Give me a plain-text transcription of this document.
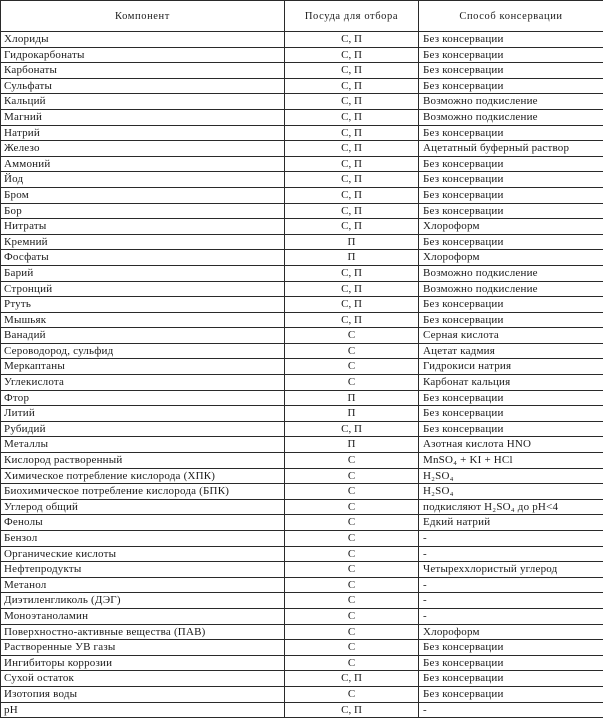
Компонент	Посуда для отбора	Способ консервации
Хлориды	С, П	Без консервации
Гидрокарбонаты	С, П	Без консервации
Карбонаты	С, П	Без консервации
Сульфаты	С, П	Без консервации
Кальций	С, П	Возможно подкисление
Магний	С, П	Возможно подкисление
Натрий	С, П	Без консервации
Железо	С, П	Ацетатный буферный раствор
Аммоний	С, П	Без консервации
Йод	С, П	Без консервации
Бром	С, П	Без консервации
Бор	С, П	Без консервации
Нитраты	С, П	Хлороформ
Кремний	П	Без консервации
Фосфаты	П	Хлороформ
Барий	С, П	Возможно подкисление
Стронций	С, П	Возможно подкисление
Ртуть	С, П	Без консервации
Мышьяк	С, П	Без консервации
Ванадий	С	Серная кислота
Сероводород, сульфид	С	Ацетат кадмия
Меркаптаны	С	Гидрокиси натрия
Углекислота	С	Карбонат кальция
Фтор	П	Без консервации
Литий	П	Без консервации
Рубидий	С, П	Без консервации
Металлы	П	Азотная кислота HNO
Кислород растворенный	С	MnSO₄ + KI + HCl
Химическое потребление кислорода (ХПК)	С	H₂SO₄
Биохимическое потребление кислорода (БПК)	С	H₂SO₄
Углерод общий	С	подкисляют H₂SO₄ до pH<4
Фенолы	С	Едкий натрий
Бензол	С	-
Органические кислоты	С	-
Нефтепродукты	С	Четыреххлористый углерод
Метанол	С	-
Диэтиленгликоль (ДЭГ)	С	-
Моноэтаноламин	С	-
Поверхностно-активные вещества (ПАВ)	С	Хлороформ
Растворенные УВ газы	С	Без консервации
Ингибиторы коррозии	С	Без консервации
Сухой остаток	С, П	Без консервации
Изотопия воды	С	Без консервации
pH	С, П	-
